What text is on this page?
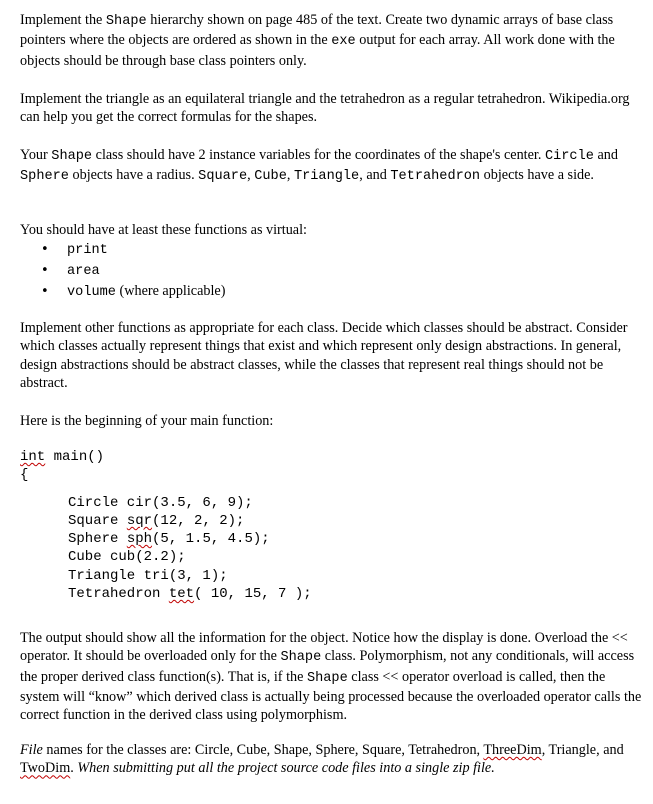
Implement the Shape hierarchy shown on page 485 of the text. Create two dynamic arrays of base class pointers where the objects are ordered as shown in the exe output for each array. All work done with the objects should be through base class pointers only.

Implement the triangle as an equilateral triangle and the tetrahedron as a regular tetrahedron. Wikipedia.org can help you get the correct formulas for the shapes.

Your Shape class should have 2 instance variables for the coordinates of the shape's center. Circle and Sphere objects have a radius. Square, Cube, Triangle, and Tetrahedron objects have a side.

You should have at least these functions as virtual:

• print
• area
• volume (where applicable)

Implement other functions as appropriate for each class. Decide which classes should be abstract. Consider which classes actually represent things that exist and which represent only design abstractions. In general, design abstractions should be abstract classes, while the classes that represent real things should not be abstract.

Here is the beginning of your main function:

int main()
{
Circle cir(3.5, 6, 9);
Square sqr(12, 2, 2);
Sphere sph(5, 1.5, 4.5);
Cube cub(2.2);
Triangle tri(3, 1);
Tetrahedron tet( 10, 15, 7 );

The output should show all the information for the object. Notice how the display is done. Overload the << operator. It should be overloaded only for the Shape class. Polymorphism, not any conditionals, will access the proper derived class function(s). That is, if the Shape class << operator overload is called, then the system will “know” which derived class is actually being processed because the overloaded operator calls the correct function in the derived class using polymorphism.

File names for the classes are: Circle, Cube, Shape, Sphere, Square, Tetrahedron, ThreeDim, Triangle, and TwoDim. When submitting put all the project source code files into a single zip file.
